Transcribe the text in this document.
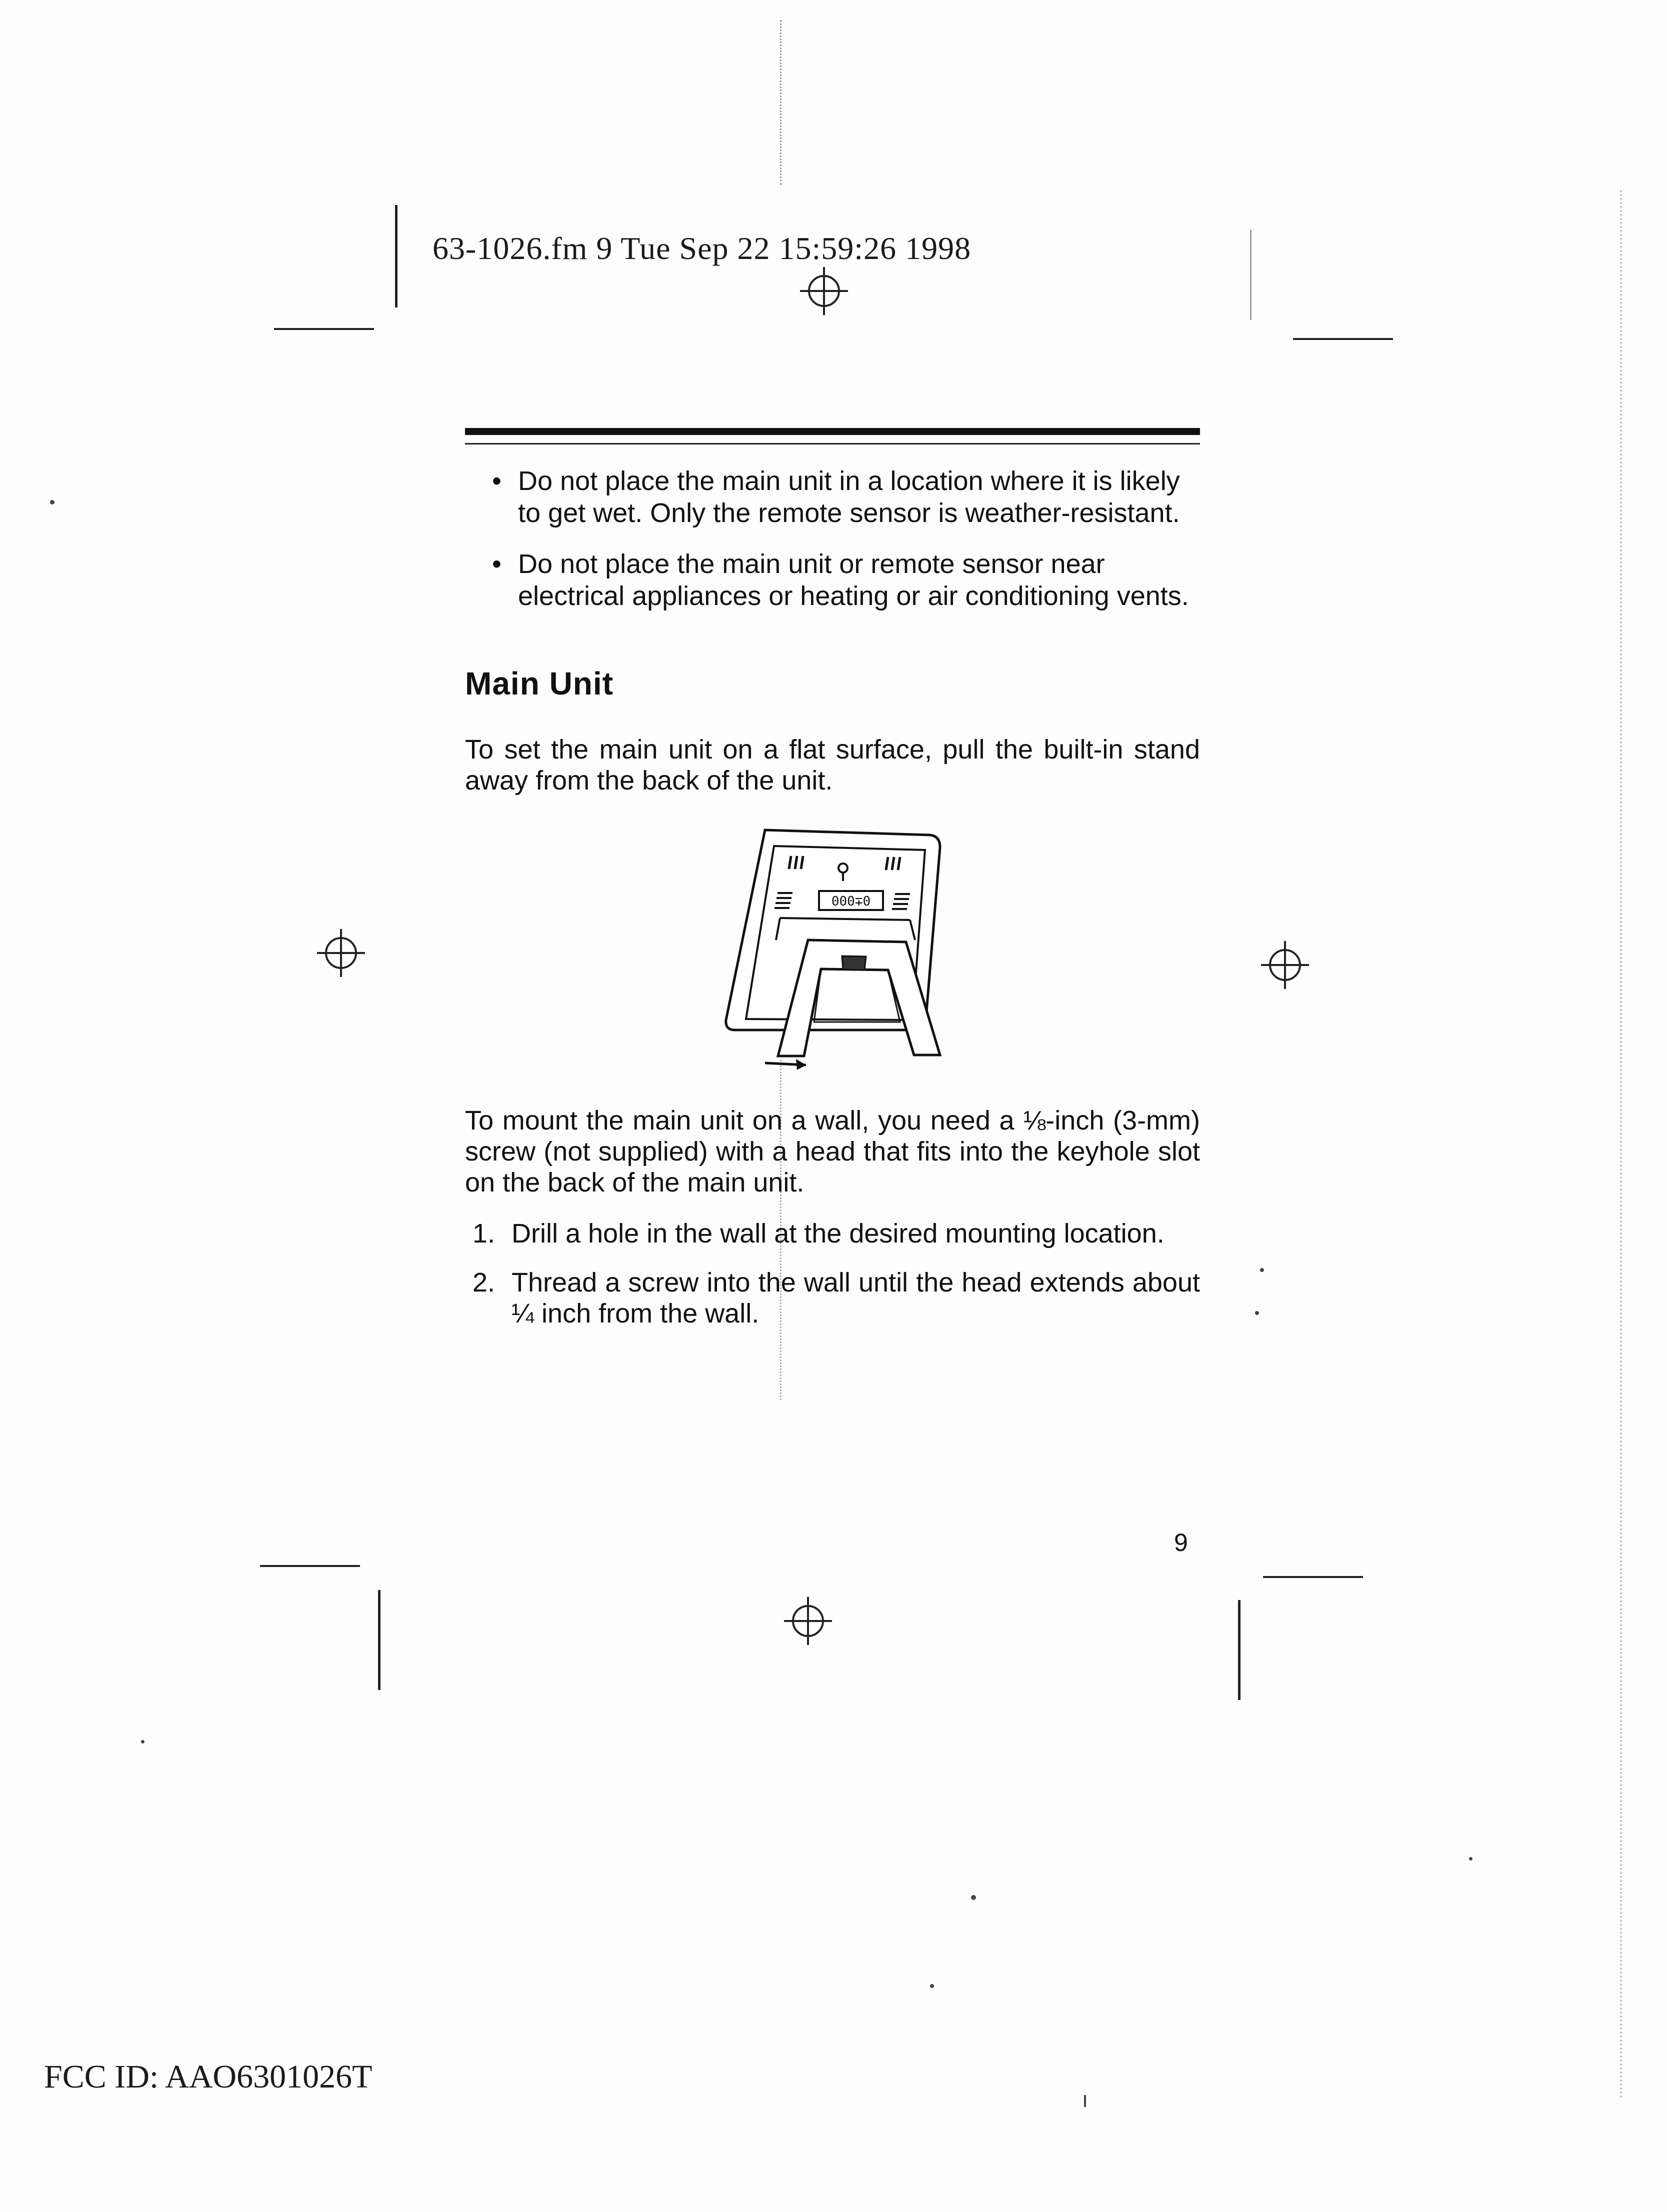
63-1026.fm 9 Tue Sep 22 15:59:26 1998
• Do not place the main unit in a location where it is likely to get wet. Only the remote sensor is weather-resistant.
• Do not place the main unit or remote sensor near electrical appliances or heating or air conditioning vents.
Main Unit

To set the main unit on a flat surface, pull the built-in stand away from the back of the unit.

000∓0

To mount the main unit on a wall, you need a ⅛-inch (3-mm) screw (not supplied) with a head that fits into the keyhole slot on the back of the main unit.

1. Drill a hole in the wall at the desired mounting location.
2. Thread a screw into the wall until the head extends about ¼ inch from the wall.
9
FCC ID: AAO6301026T
